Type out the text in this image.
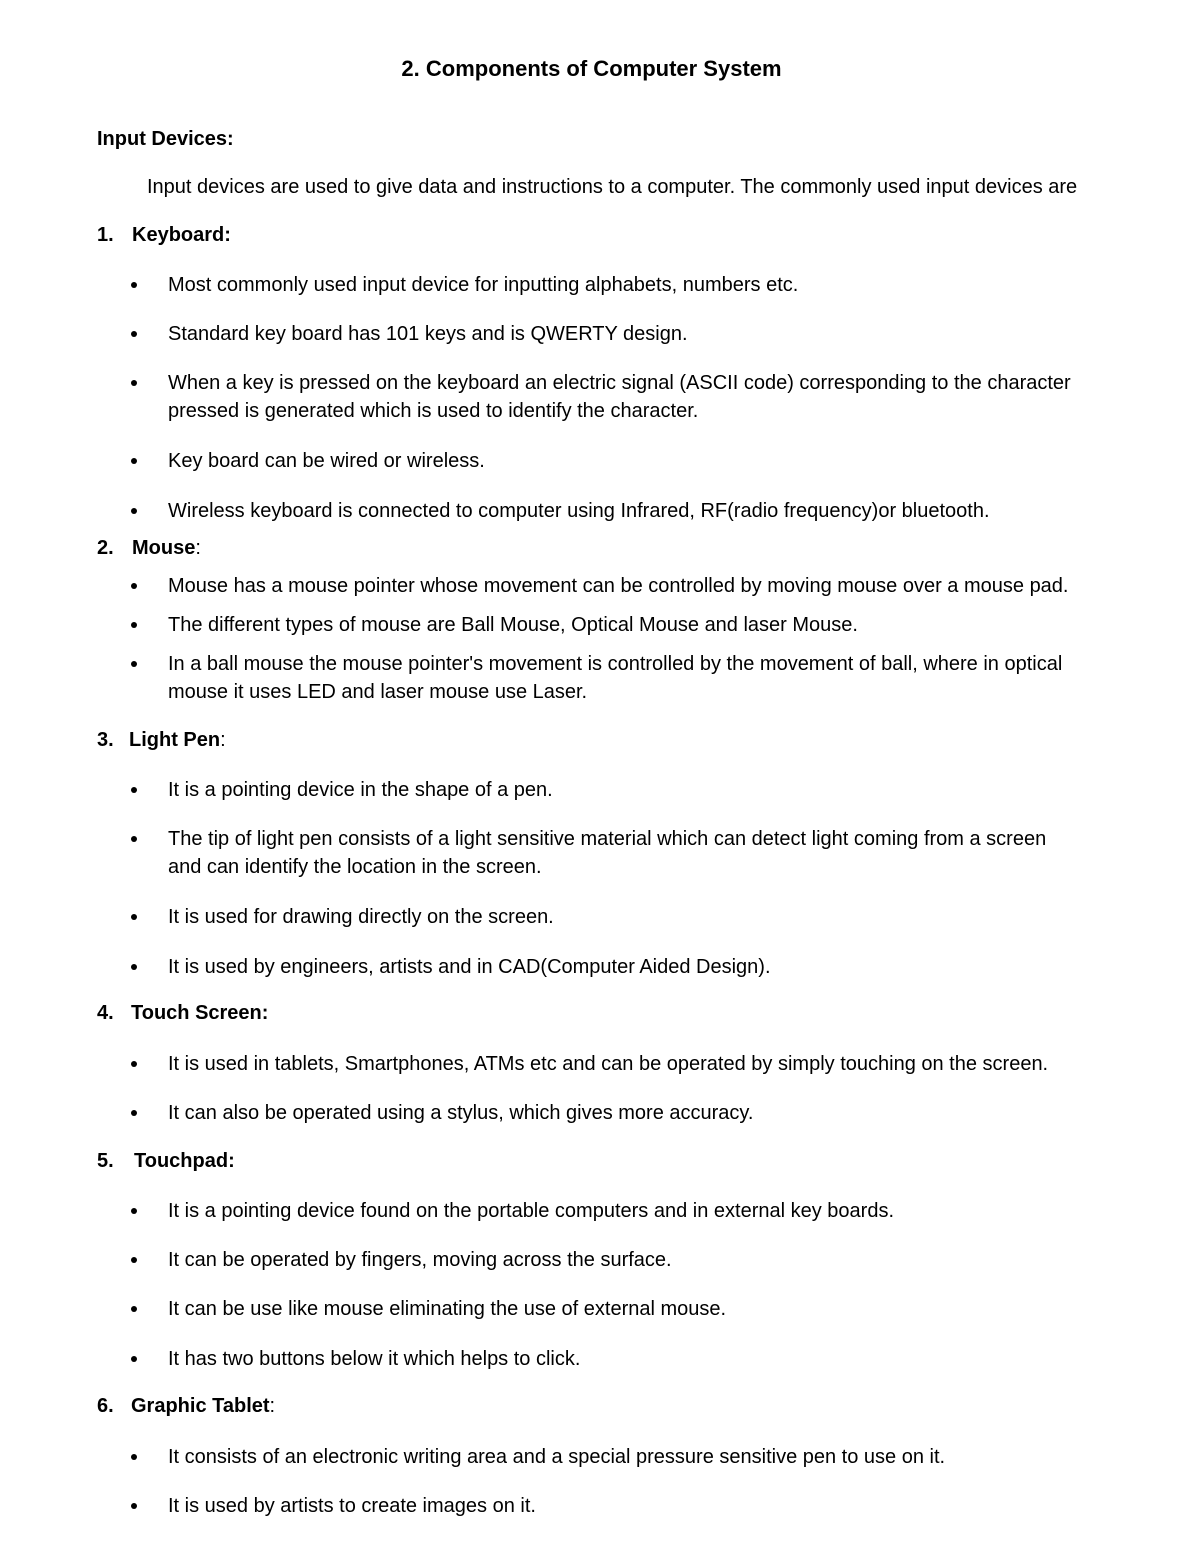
2. Components of Computer System
Input Devices:
Input devices are used to give data and instructions to a computer. The commonly used input devices are
1. Keyboard:
Most commonly used input device for inputting alphabets, numbers etc.
Standard key board has 101 keys and is QWERTY design.
When a key is pressed on the keyboard an electric signal (ASCII code) corresponding to the character
pressed is generated which is used to identify the character.
Key board can be wired or wireless.
Wireless keyboard is connected to computer using Infrared, RF(radio frequency)or bluetooth.
2. Mouse:
Mouse has a mouse pointer whose movement can be controlled by moving mouse over a mouse pad.
The different types of mouse are Ball Mouse, Optical Mouse and laser Mouse.
In a ball mouse the mouse pointer's movement is controlled by the movement of ball, where in optical
mouse it uses LED and laser mouse use Laser.
3. Light Pen:
It is a pointing device in the shape of a pen.
The tip of light pen consists of a light sensitive material which can detect light coming from a screen
and can identify the location in the screen.
It is used for drawing directly on the screen.
It is used by engineers, artists and in CAD(Computer Aided Design).
4. Touch Screen:
It is used in tablets, Smartphones, ATMs etc and can be operated by simply touching on the screen.
It can also be operated using a stylus, which gives more accuracy.
5. Touchpad:
It is a pointing device found on the portable computers and in external key boards.
It can be operated by fingers, moving across the surface.
It can be use like mouse eliminating the use of external mouse.
It has two buttons below it which helps to click.
6. Graphic Tablet:
It consists of an electronic writing area and a special pressure sensitive pen to use on it.
It is used by artists to create images on it.
